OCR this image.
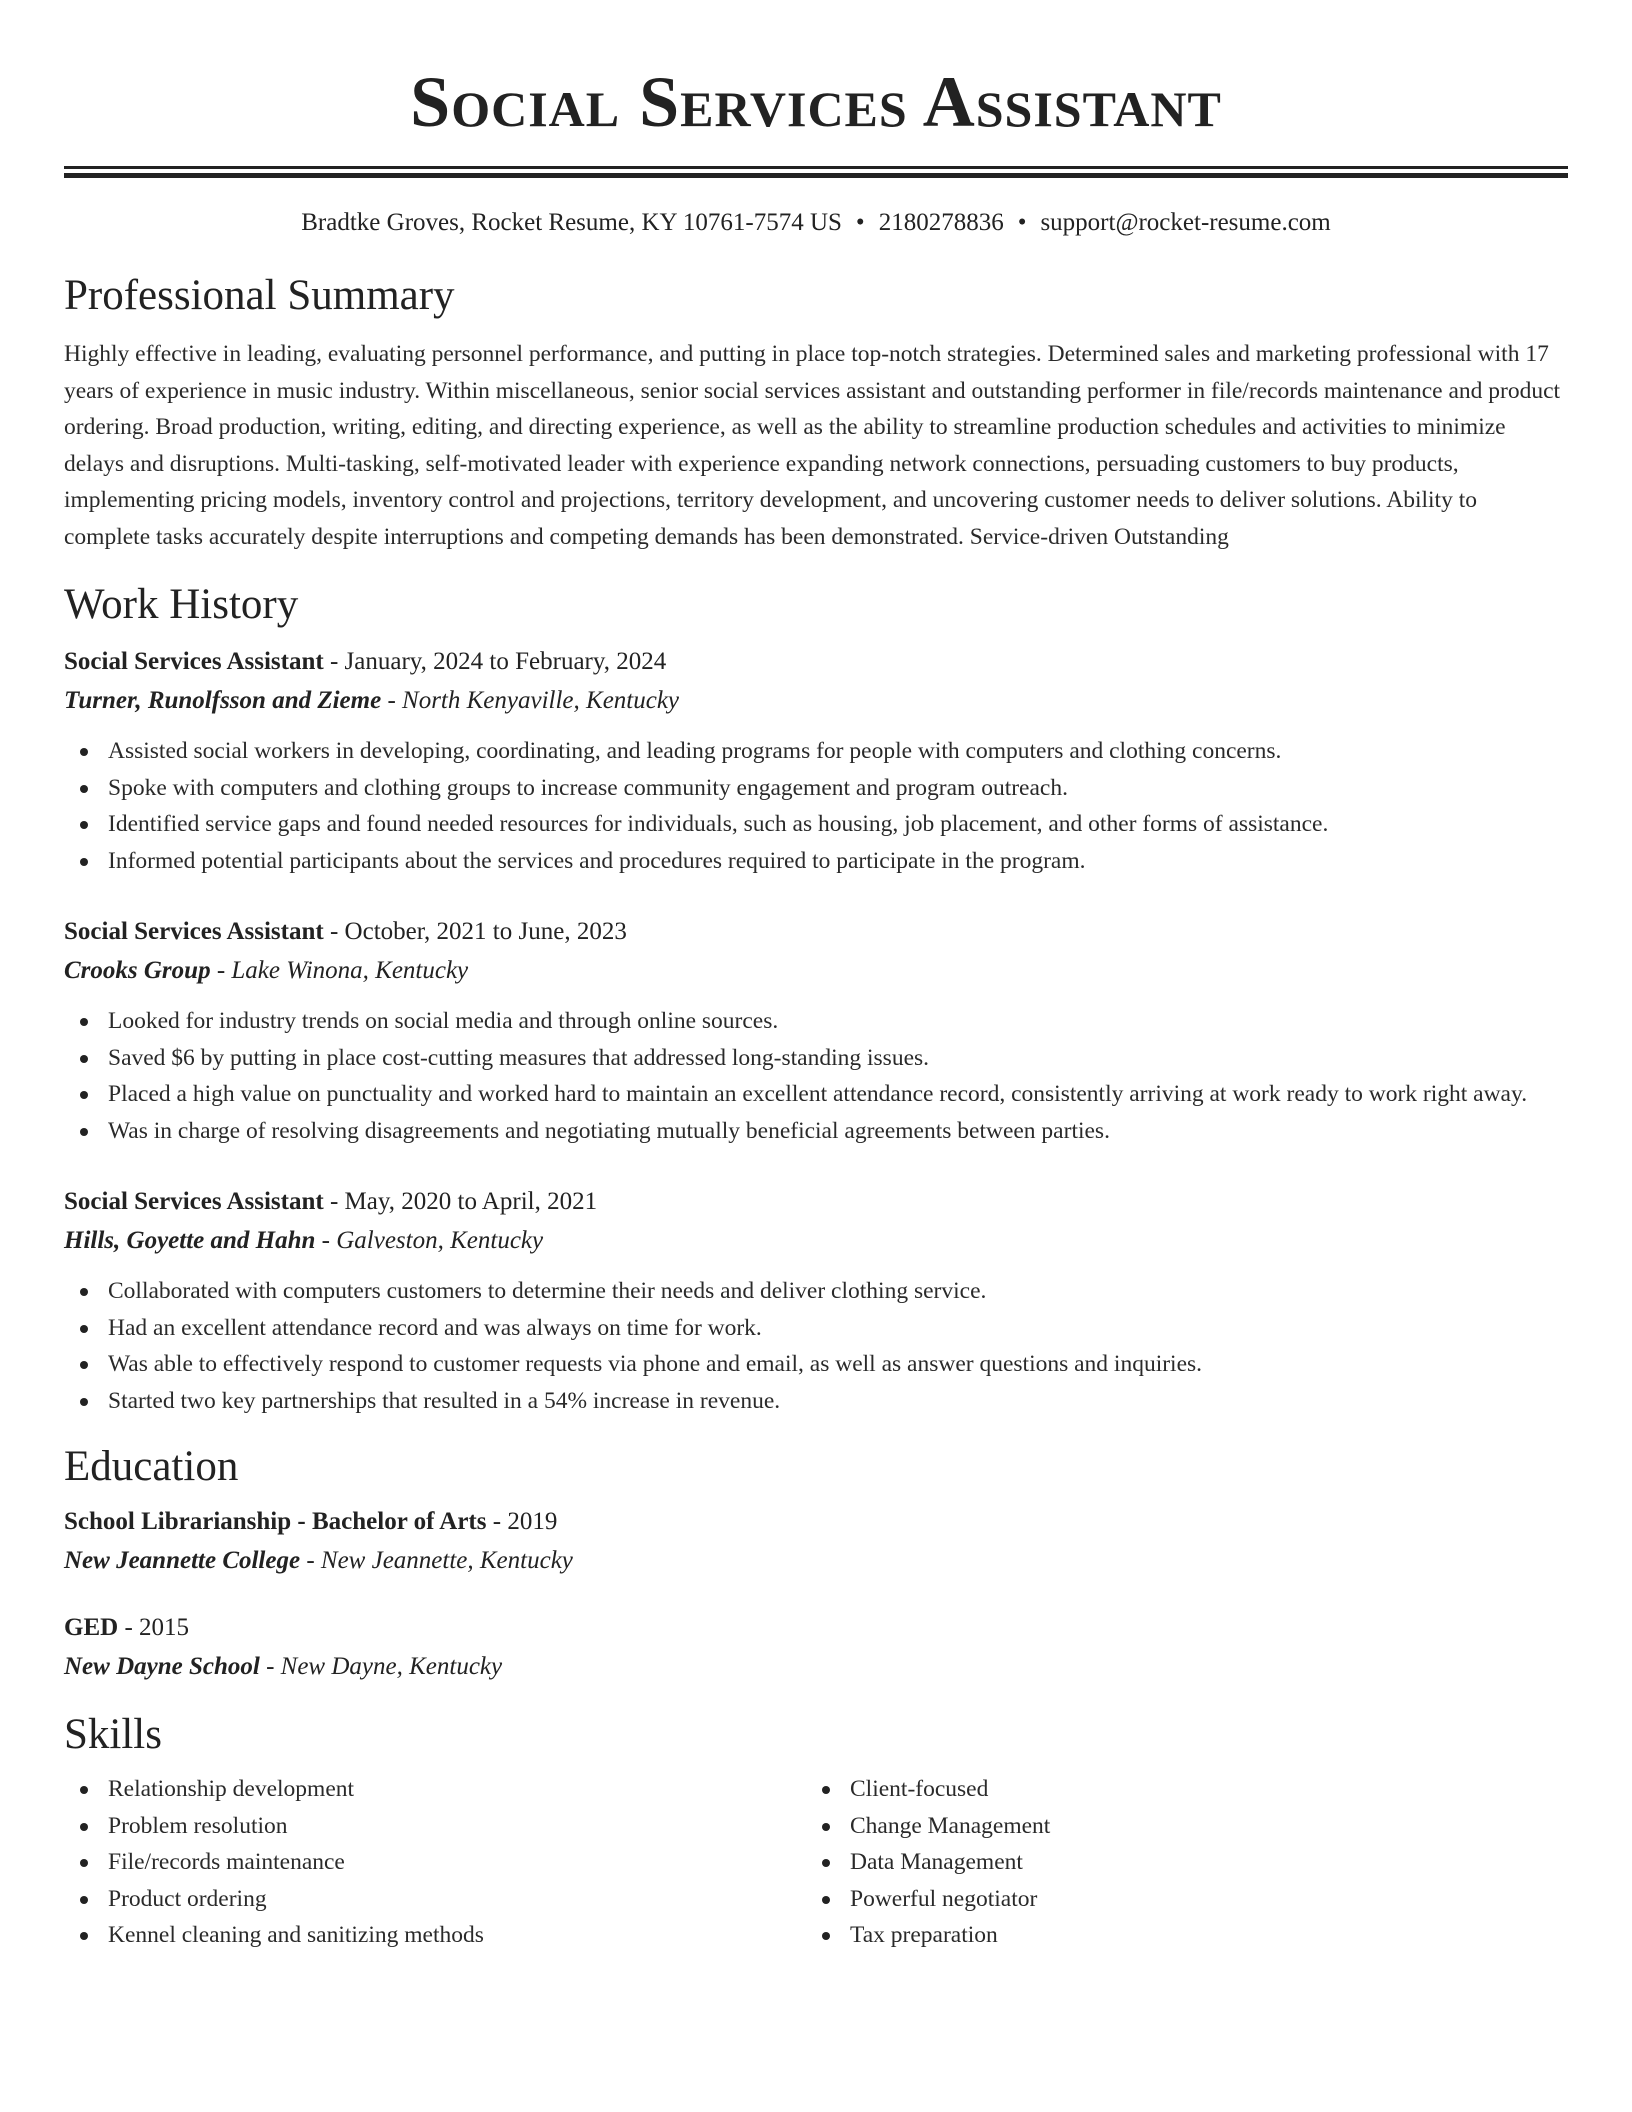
Social Services Assistant
Bradtke Groves, Rocket Resume, KY 10761-7574 US • 2180278836 • support@rocket-resume.com
Professional Summary

Highly effective in leading, evaluating personnel performance, and putting in place top-notch strategies. Determined sales and marketing professional with 17 years of experience in music industry. Within miscellaneous, senior social services assistant and outstanding performer in file/records maintenance and product ordering. Broad production, writing, editing, and directing experience, as well as the ability to streamline production schedules and activities to minimize delays and disruptions. Multi-tasking, self-motivated leader with experience expanding network connections, persuading customers to buy products, implementing pricing models, inventory control and projections, territory development, and uncovering customer needs to deliver solutions. Ability to complete tasks accurately despite interruptions and competing demands has been demonstrated. Service-driven Outstanding

Work History
Social Services Assistant - January, 2024 to February, 2024
Turner, Runolfsson and Zieme - North Kenyaville, Kentucky
Assisted social workers in developing, coordinating, and leading programs for people with computers and clothing concerns.
Spoke with computers and clothing groups to increase community engagement and program outreach.
Identified service gaps and found needed resources for individuals, such as housing, job placement, and other forms of assistance.
Informed potential participants about the services and procedures required to participate in the program.
Social Services Assistant - October, 2021 to June, 2023
Crooks Group - Lake Winona, Kentucky
Looked for industry trends on social media and through online sources.
Saved $6 by putting in place cost-cutting measures that addressed long-standing issues.
Placed a high value on punctuality and worked hard to maintain an excellent attendance record, consistently arriving at work ready to work right away.
Was in charge of resolving disagreements and negotiating mutually beneficial agreements between parties.
Social Services Assistant - May, 2020 to April, 2021
Hills, Goyette and Hahn - Galveston, Kentucky
Collaborated with computers customers to determine their needs and deliver clothing service.
Had an excellent attendance record and was always on time for work.
Was able to effectively respond to customer requests via phone and email, as well as answer questions and inquiries.
Started two key partnerships that resulted in a 54% increase in revenue.
Education
School Librarianship - Bachelor of Arts - 2019
New Jeannette College - New Jeannette, Kentucky
GED - 2015
New Dayne School - New Dayne, Kentucky
Skills
Relationship development
Problem resolution
File/records maintenance
Product ordering
Kennel cleaning and sanitizing methods
Client-focused
Change Management
Data Management
Powerful negotiator
Tax preparation
